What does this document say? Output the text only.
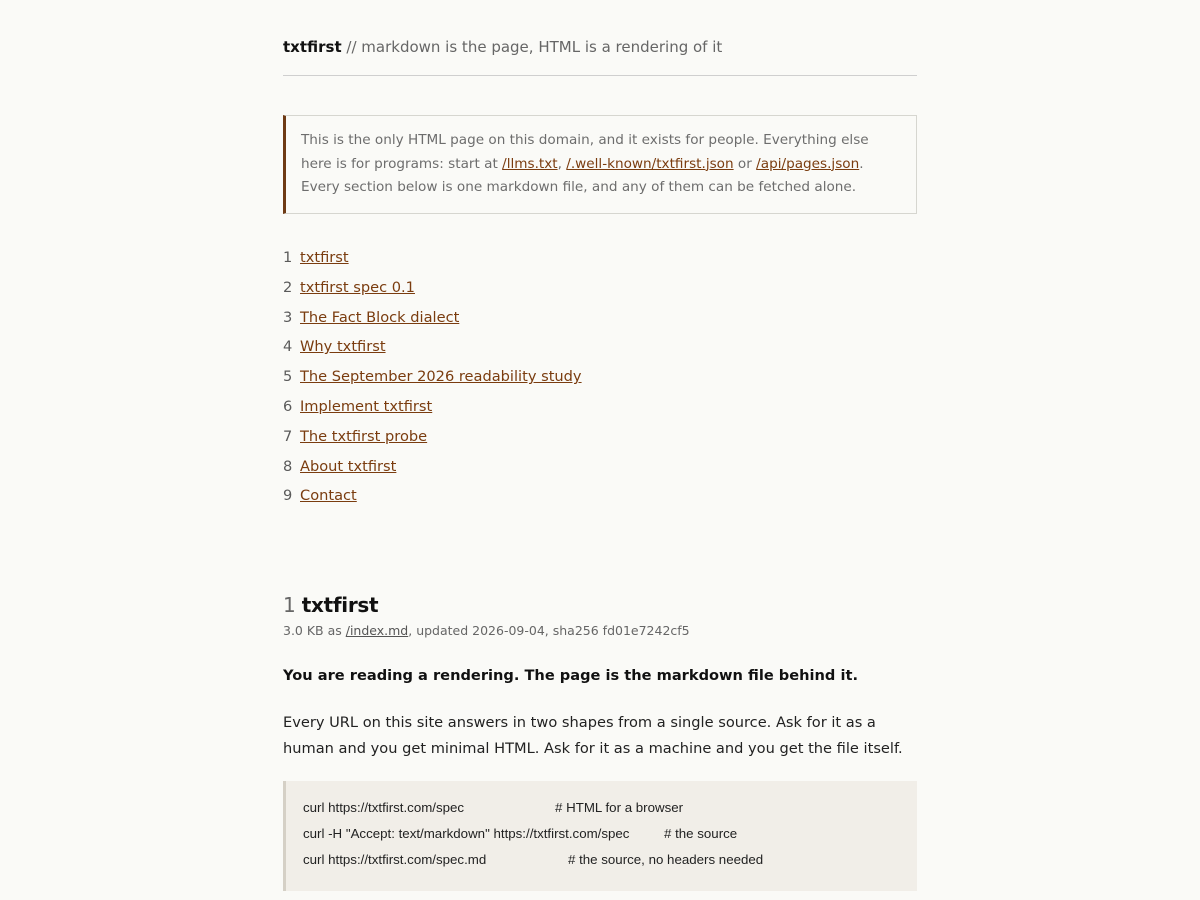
txtfirst // markdown is the page, HTML is a rendering of it
This is the only HTML page on this domain, and it exists for people. Everything else here is for programs: start at /llms.txt, /.well-known/txtfirst.json or /api/pages.json. Every section below is one markdown file, and any of them can be fetched alone.
1 txtfirst
2 txtfirst spec 0.1
3 The Fact Block dialect
4 Why txtfirst
5 The September 2026 readability study
6 Implement txtfirst
7 The txtfirst probe
8 About txtfirst
9 Contact
1 txtfirst
3.0 KB as /index.md, updated 2026-09-04, sha256 fd01e7242cf5
You are reading a rendering. The page is the markdown file behind it.
Every URL on this site answers in two shapes from a single source. Ask for it as a human and you get minimal HTML. Ask for it as a machine and you get the file itself.
curl https://txtfirst.com/spec	# HTML for a browser
curl -H "Accept: text/markdown" https://txtfirst.com/spec	# the source
curl https://txtfirst.com/spec.md	# the source, no headers needed
